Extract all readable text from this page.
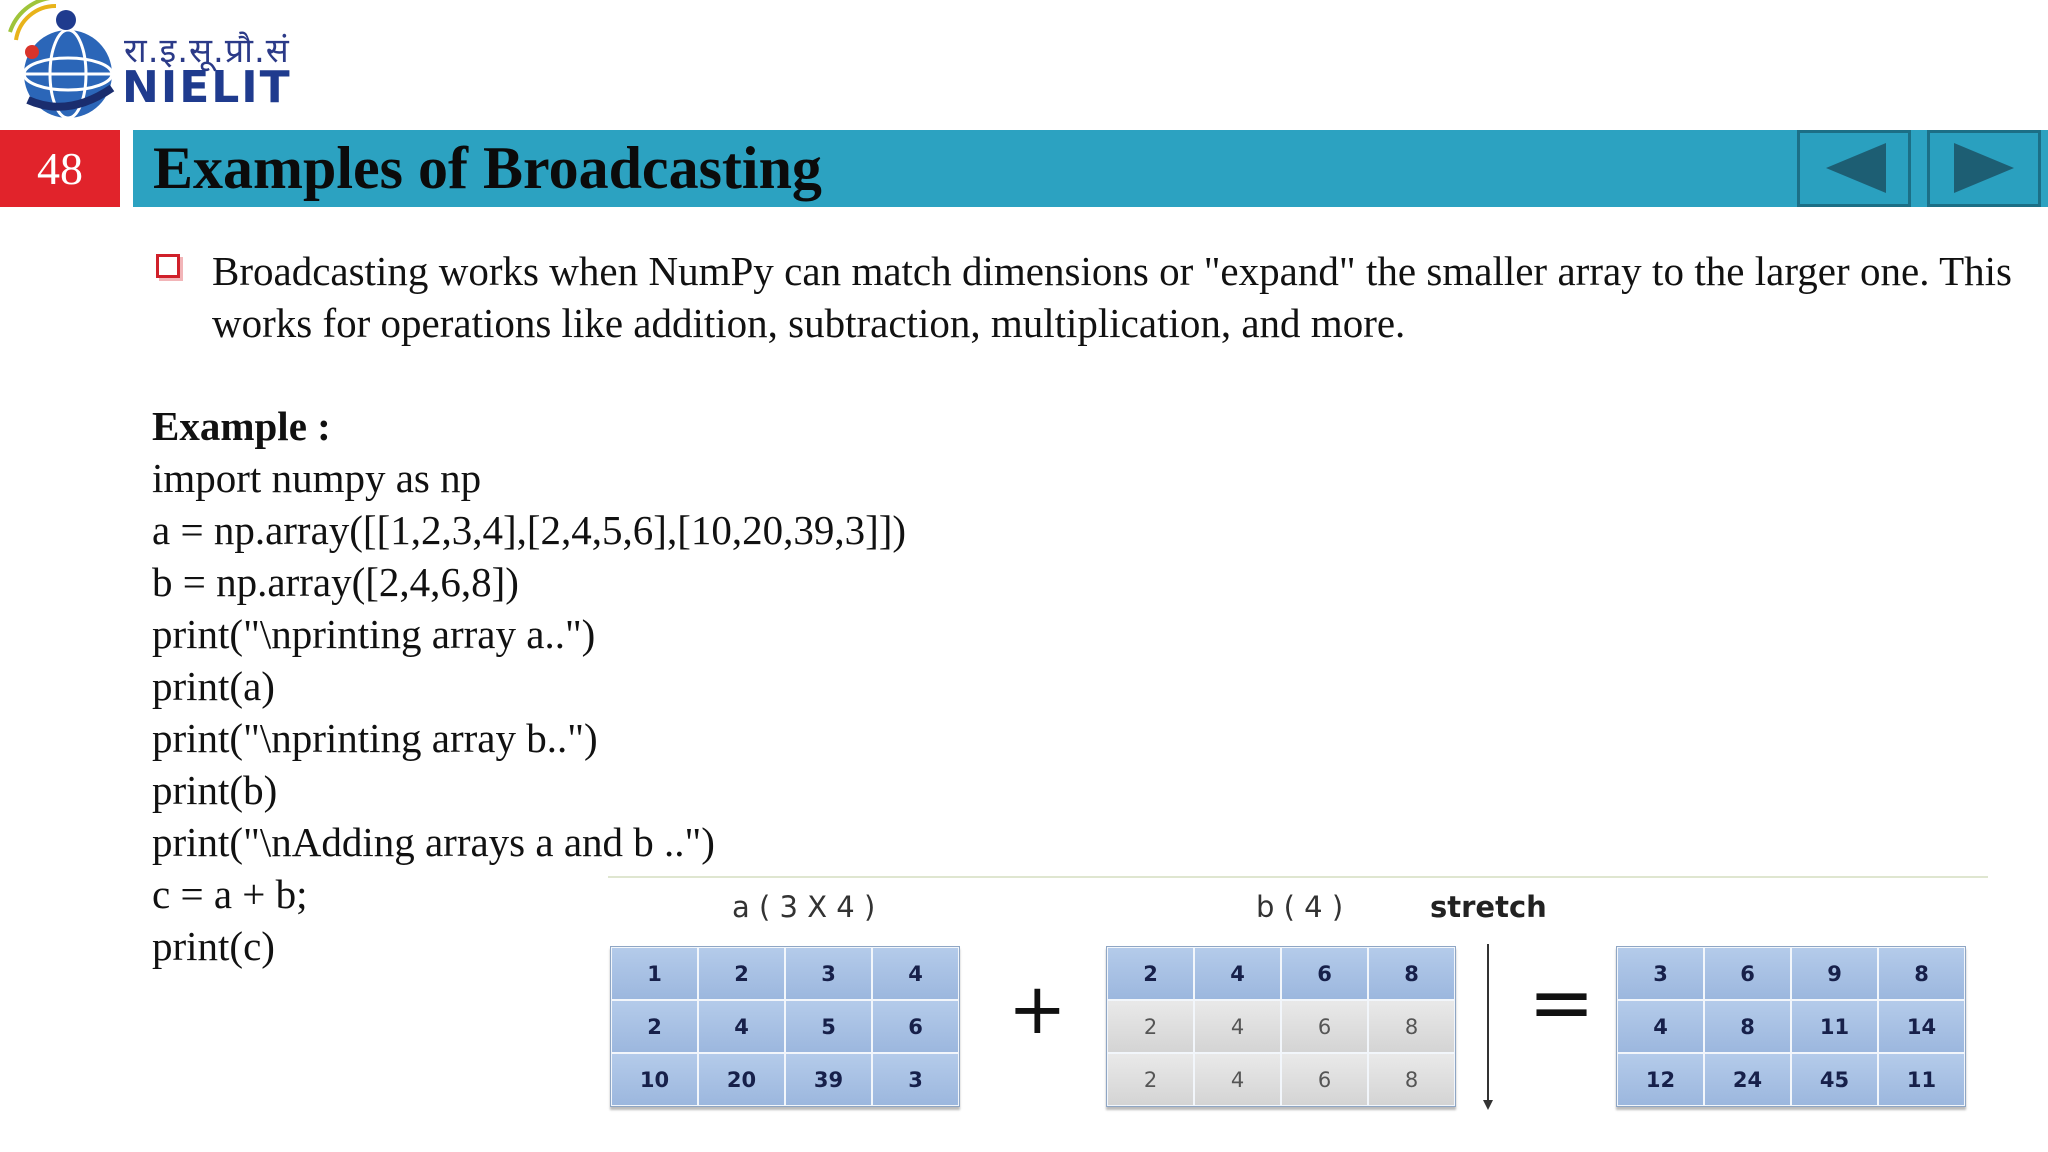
रा.इ.सू.प्रौ.सं
NIELIT
48	Examples of Broadcasting
Broadcasting works when NumPy can match dimensions or "expand" the smaller array to the larger one. This works for operations like addition, subtraction, multiplication, and more.
Example :
import numpy as np
a = np.array([[1,2,3,4],[2,4,5,6],[10,20,39,3]])
b = np.array([2,4,6,8])
print("\nprinting array a..")
print(a)
print("\nprinting array b..")
print(b)
print("\nAdding arrays a and b ..")
c = a + b;
print(c)
a ( 3 X 4 )	b ( 4 )	stretch
1	2	3	4
2	4	5	6
10	20	39	3
+	2	4	6	8
2	4	6	8
2	4	6	8
=	3	6	9	8
4	8	11	14
12	24	45	11
